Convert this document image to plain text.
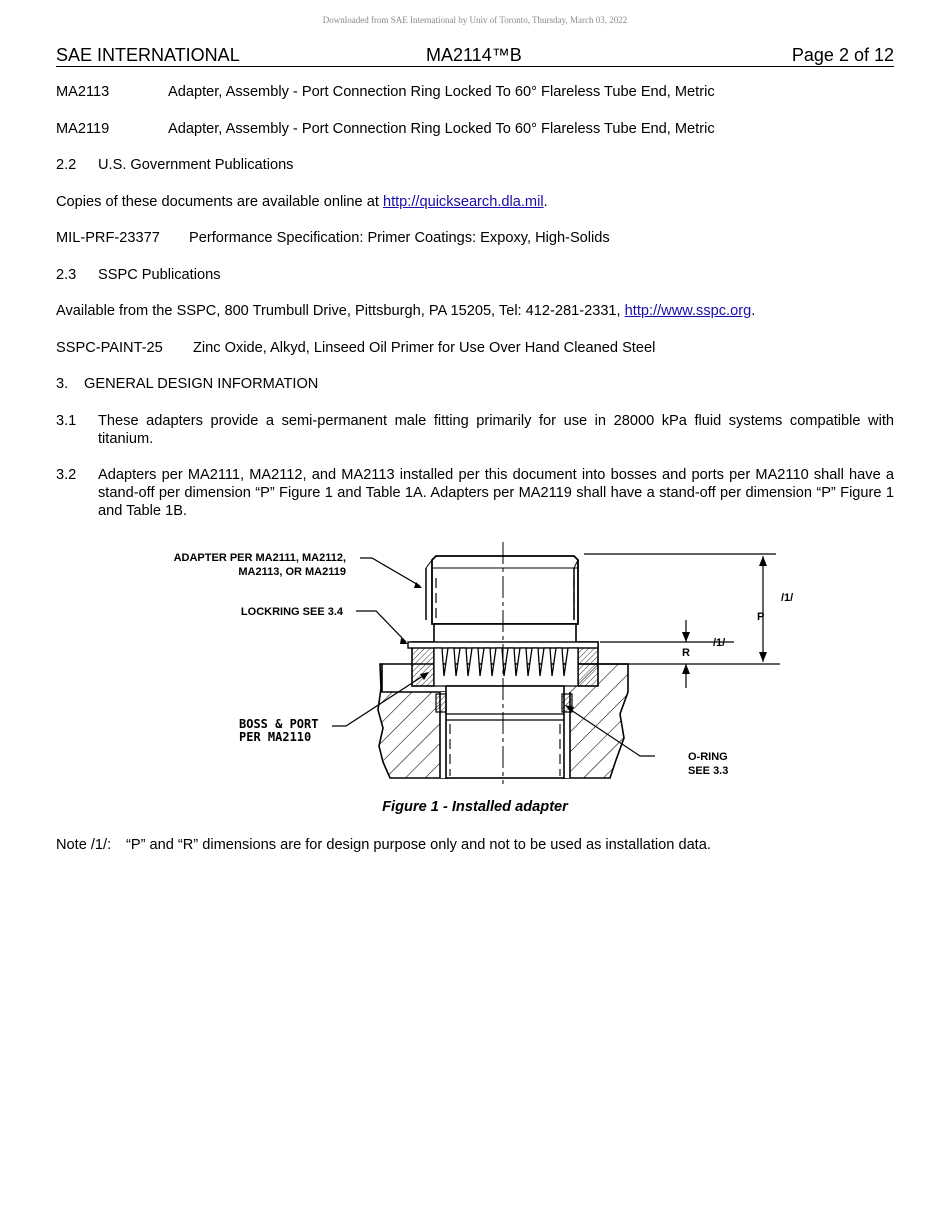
Downloaded from SAE International by Univ of Toronto, Thursday, March 03, 2022
SAE INTERNATIONAL	MA2114™B	Page 2 of 12
MA2113	Adapter, Assembly - Port Connection Ring Locked To 60° Flareless Tube End, Metric
MA2119	Adapter, Assembly - Port Connection Ring Locked To 60° Flareless Tube End, Metric
2.2 U.S. Government Publications
Copies of these documents are available online at http://quicksearch.dla.mil.
MIL-PRF-23377 Performance Specification: Primer Coatings: Expoxy, High-Solids
2.3 SSPC Publications
Available from the SSPC, 800 Trumbull Drive, Pittsburgh, PA 15205, Tel: 412-281-2331, http://www.sspc.org.
SSPC-PAINT-25 Zinc Oxide, Alkyd, Linseed Oil Primer for Use Over Hand Cleaned Steel
3. GENERAL DESIGN INFORMATION
3.1 These adapters provide a semi-permanent male fitting primarily for use in 28000 kPa fluid systems compatible with titanium.
3.2 Adapters per MA2111, MA2112, and MA2113 installed per this document into bosses and ports per MA2110 shall have a stand-off per dimension “P” Figure 1 and Table 1A. Adapters per MA2119 shall have a stand-off per dimension “P” Figure 1 and Table 1B.
ADAPTER PER MA2111, MA2112,
MA2113, OR MA2119
LOCKRING SEE 3.4
BOSS & PORT
PER MA2110
O-RING
SEE 3.3
P
/1/
R
/1/
Figure 1 - Installed adapter
Note /1/: “P” and “R” dimensions are for design purpose only and not to be used as installation data.
